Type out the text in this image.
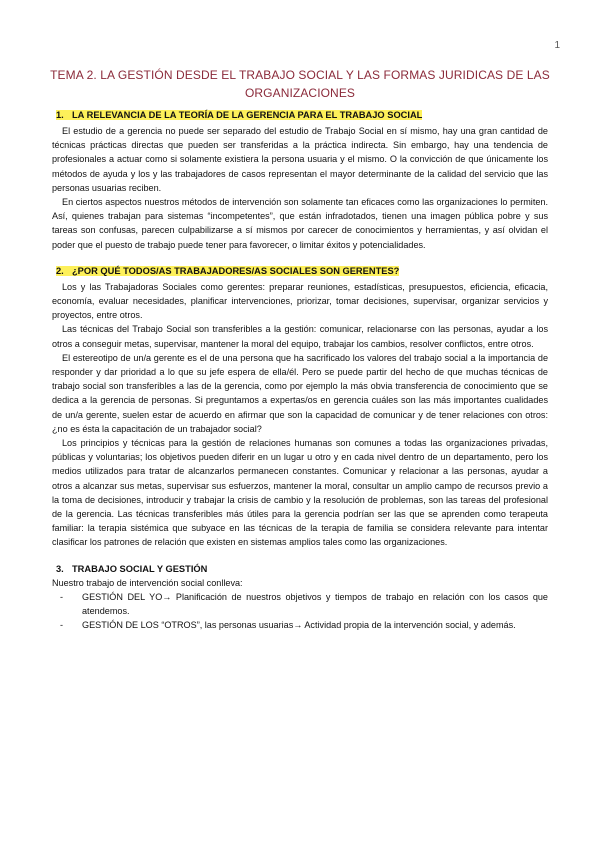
1
TEMA 2. LA GESTIÓN DESDE EL TRABAJO SOCIAL Y LAS FORMAS JURIDICAS DE LAS ORGANIZACIONES
1. LA RELEVANCIA DE LA TEORÍA DE LA GERENCIA PARA EL TRABAJO SOCIAL

El estudio de a gerencia no puede ser separado del estudio de Trabajo Social en sí mismo, hay una gran cantidad de técnicas prácticas directas que pueden ser transferidas a la práctica indirecta. Sin embargo, hay una tendencia de profesionales a actuar como si solamente existiera la persona usuaria y el mismo. O la convicción de que únicamente los métodos de ayuda y los y las trabajadores de casos representan el mayor determinante de la calidad del servicio que las personas usuarias reciben.

En ciertos aspectos nuestros métodos de intervención son solamente tan eficaces como las organizaciones lo permiten. Así, quienes trabajan para sistemas “incompetentes”, que están infradotados, tienen una imagen pública pobre y sus tareas son confusas, parecen culpabilizarse a sí mismos por carecer de conocimientos y herramientas, y así olvidan el poder que el puesto de trabajo puede tener para favorecer, o limitar éxitos y potencialidades.

2. ¿POR QUÉ TODOS/AS TRABAJADORES/AS SOCIALES SON GERENTES?

Los y las Trabajadoras Sociales como gerentes: preparar reuniones, estadísticas, presupuestos, eficiencia, eficacia, economía, evaluar necesidades, planificar intervenciones, priorizar, tomar decisiones, supervisar, organizar servicios y proyectos, entre otros.

Las técnicas del Trabajo Social son transferibles a la gestión: comunicar, relacionarse con las personas, ayudar a los otros a conseguir metas, supervisar, mantener la moral del equipo, trabajar los cambios, resolver conflictos, entre otros.

El estereotipo de un/a gerente es el de una persona que ha sacrificado los valores del trabajo social a la importancia de responder y dar prioridad a lo que su jefe espera de ella/él. Pero se puede partir del hecho de que muchas técnicas de trabajo social son transferibles a las de la gerencia, como por ejemplo la más obvia transferencia de conocimiento que se dedica a la gerencia de personas. Si preguntamos a expertas/os en gerencia cuáles son las más importantes cualidades de un/a gerente, suelen estar de acuerdo en afirmar que son la capacidad de comunicar y de tener relaciones con otros: ¿no es ésta la capacitación de un trabajador social?

Los principios y técnicas para la gestión de relaciones humanas son comunes a todas las organizaciones privadas, públicas y voluntarias; los objetivos pueden diferir en un lugar u otro y en cada nivel dentro de un departamento, pero los medios utilizados para tratar de alcanzarlos permanecen constantes. Comunicar y relacionar a las personas, ayudar a otros a alcanzar sus metas, supervisar sus esfuerzos, mantener la moral, consultar un amplio campo de recursos previo a la toma de decisiones, introducir y trabajar la crisis de cambio y la resolución de problemas, son las tareas del profesional de la gerencia. Las técnicas transferibles más útiles para la gerencia podrían ser las que se aprenden como terapeuta familiar: la terapia sistémica que subyace en las técnicas de la terapia de familia se considera relevante para intentar clasificar los patrones de relación que existen en sistemas amplios tales como las organizaciones.

3. TRABAJO SOCIAL Y GESTIÓN

Nuestro trabajo de intervención social conlleva:

- GESTIÓN DEL YO→ Planificación de nuestros objetivos y tiempos de trabajo en relación con los casos que atendemos.
- GESTIÓN DE LOS “OTROS”, las personas usuarias→ Actividad propia de la intervención social, y además.
